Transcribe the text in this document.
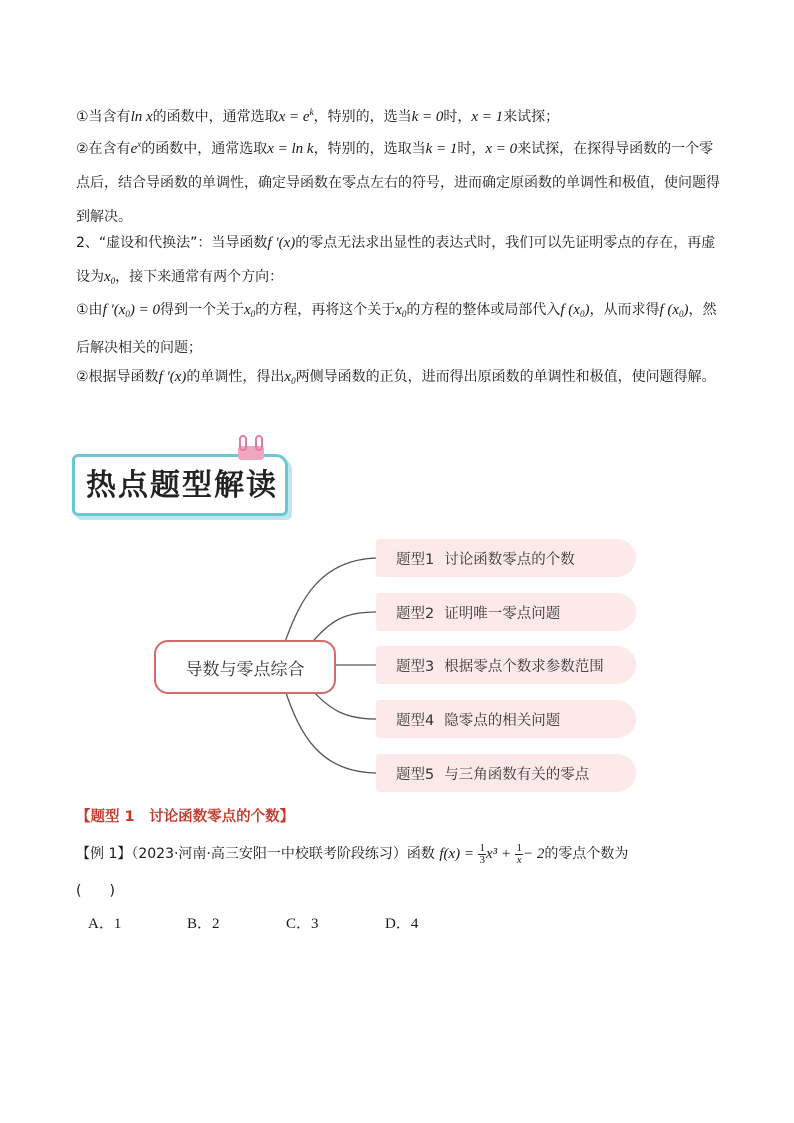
①当含有ln x的函数中，通常选取$x = e^k$，特别的，选当k = 0时，x = 1来试探；

②在含有$e^x$的函数中，通常选取x = ln k，特别的，选取当k = 1时，x = 0来试探，在探得导函数的一个零点后，结合导函数的单调性，确定导函数在零点左右的符号，进而确定原函数的单调性和极值，使问题得到解决。

2、“虚设和代换法”：当导函数f ′(x)的零点无法求出显性的表达式时，我们可以先证明零点的存在，再虚设为$x_0$，接下来通常有两个方向：

①由f $'(x_0) = 0$得到一个关于$x_0$的方程，再将这个关于$x_0$的方程的整体或局部代入f $(x_0)$，从而求得f $(x_0)$，然后解决相关的问题；

②根据导函数f ′(x)的单调性，得出$x_0$两侧导函数的正负，进而得出原函数的单调性和极值，使问题得解。

热点题型解读
导数与零点综合
题型1 讨论函数零点的个数
题型2 证明唯一零点问题
题型3 根据零点个数求参数范围
题型4 隐零点的相关问题
题型5 与三角函数有关的零点
【题型 1　讨论函数零点的个数】
【例 1】（2023·河南·高三安阳一中校联考阶段练习）函数 $f(x) = \frac{1}{3} x^3 + \frac{1}{x} - 2$的零点个数为
(　　)
A．1	B．2	C．3	D．4
